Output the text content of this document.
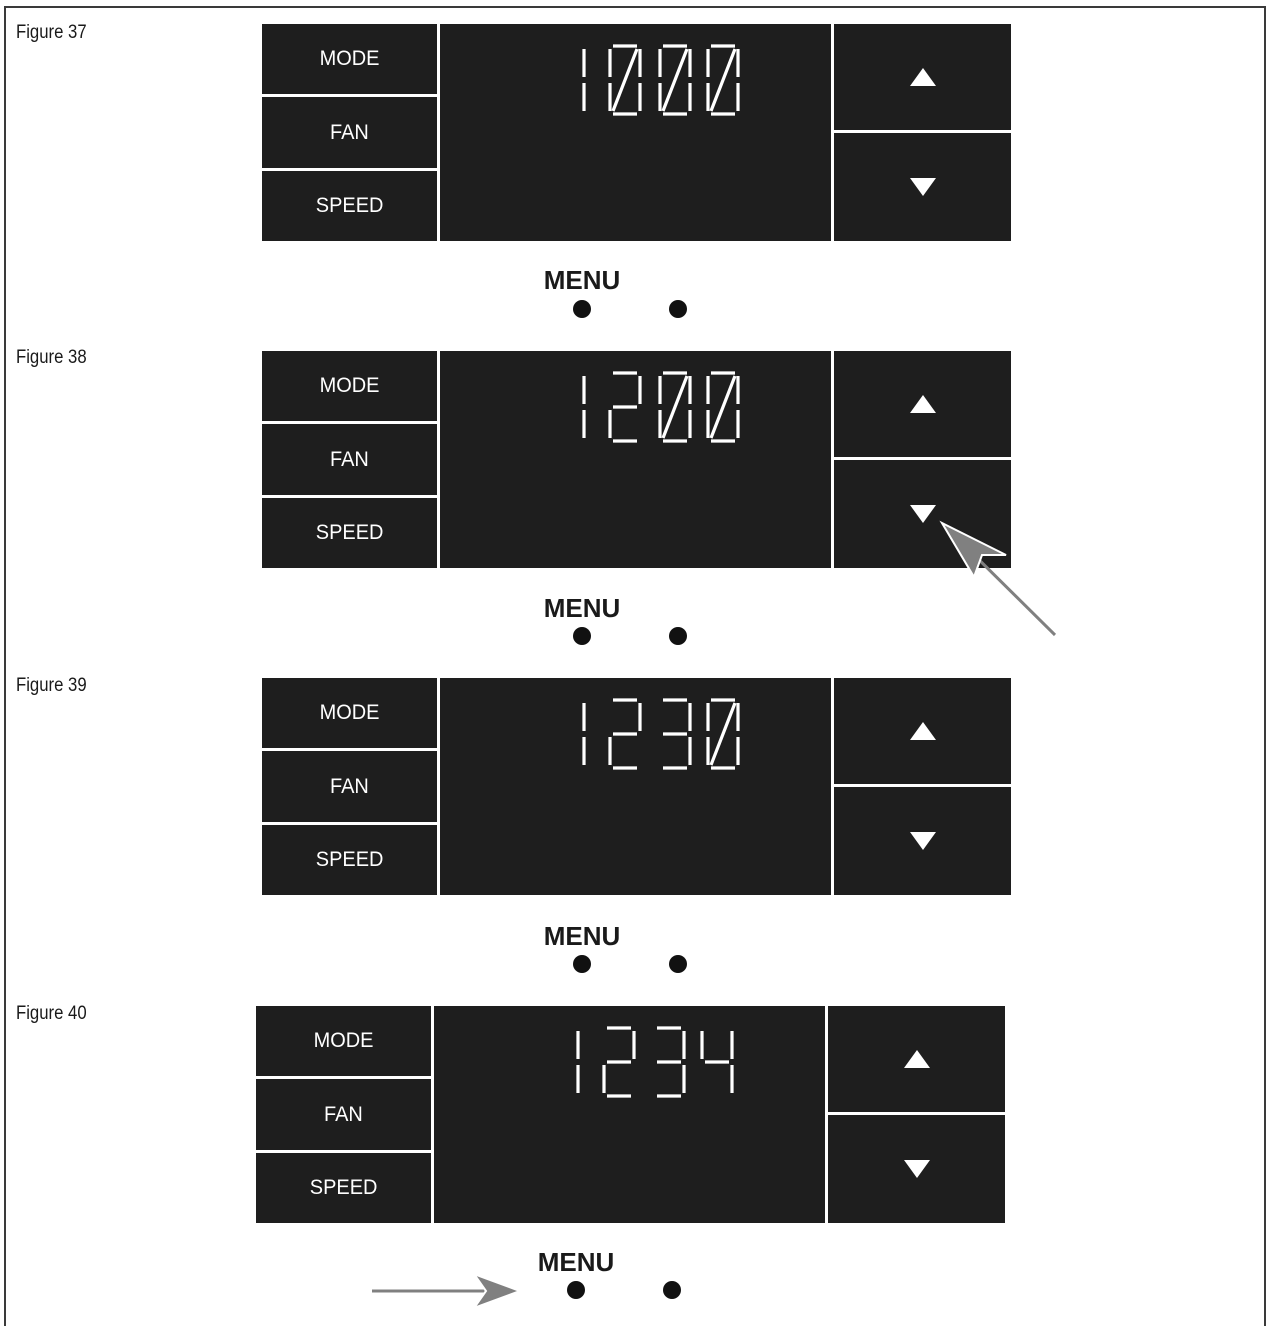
Figure 37
MODE
FAN
SPEED
MENU
Figure 38
MODE
FAN
SPEED
MENU
Figure 39
MODE
FAN
SPEED
MENU
Figure 40
MODE
FAN
SPEED
MENU
